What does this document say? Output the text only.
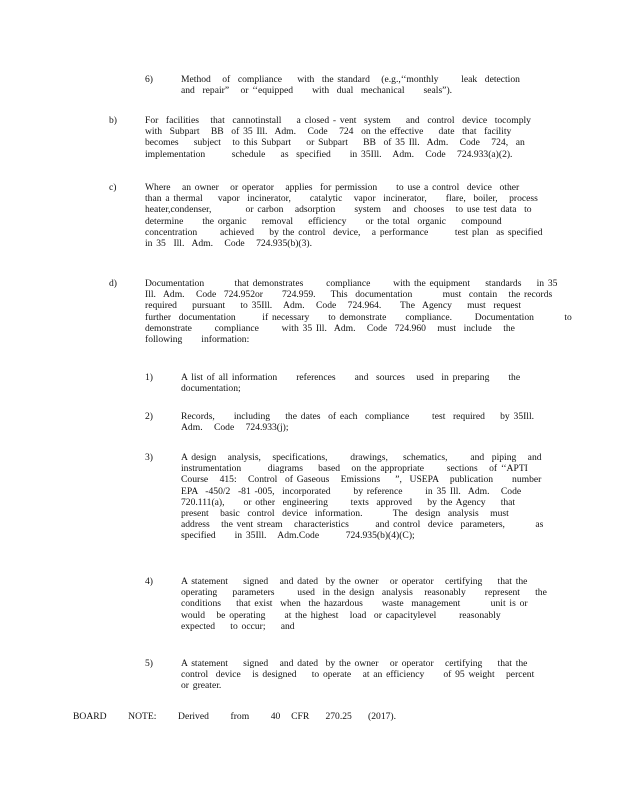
6)	Method   of  compliance    with  the standard   (e.g.,‘‘monthly      leak  detection
and  repair”   or ‘‘equipped     with  dual  mechanical     seals”).
b)	For  facilities   that  cannotinstall    a closed - vent  system    and  control  device  tocomply
with  Subpart   BB  of 35 Ill.  Adm.   Code   724  on the effective    date  that  facility
becomes    subject   to this Subpart    or Subpart    BB  of 35 Ill.  Adm.   Code   724,  an
implementation       schedule    as  specified     in 35Ill.   Adm.   Code   724.933(a)(2).
c)	Where   an owner   or operator   applies  for permission     to use a control  device  other
than a thermal    vapor  incinerator,     catalytic   vapor  incinerator,     flare,  boiler,   process
heater,condenser,         or carbon   adsorption     system   and  chooses   to use test data  to
determine     the organic    removal    efficiency     or the total  organic    compound
concentration      achieved    by the control  device,   a performance       test plan  as specified
in 35  Ill.  Adm.   Code   724.935(b)(3).
d)	Documentation        that demonstrates      compliance      with the equipment    standards    in 35
Ill.  Adm.   Code  724.952or     724.959.    This  documentation        must  contain   the records
required    pursuant    to 35Ill.   Adm.   Code   724.964.     The  Agency    must  request
further  documentation       if necessary     to demonstrate     compliance.      Documentation        to
demonstrate      compliance      with 35 Ill.  Adm.   Code  724.960   must  include   the
following     information:
1)	A list of all information     references     and  sources   used  in preparing     the
documentation;
2)	Records,     including    the dates  of each  compliance      test  required    by 35Ill.
Adm.   Code   724.933(j);
3)	A design   analysis,   specifications,      drawings,    schematics,      and  piping   and
instrumentation       diagrams    based   on the appropriate      sections   of ‘‘APTI
Course   415:   Control  of Gaseous   Emissions    ”,  USEPA   publication     number
EPA  -450/2  -81 -005,  incorporated      by reference      in 35 Ill.  Adm.   Code
720.111(a),     or other  engineering      texts  approved    by the Agency    that
present   basic  control  device  information.        The  design  analysis   must
address   the vent stream   characteristics       and control  device  parameters,        as
specified     in 35Ill.   Adm.Code       724.935(b)(4)(C);
4)	A statement    signed   and dated  by the owner   or operator   certifying    that the
operating    parameters      used  in the design  analysis   reasonably     represent    the
conditions    that exist  when  the hazardous     waste  management        unit is or
would   be operating     at the highest   load  or capacitylevel      reasonably
expected    to occur;    and
5)	A statement    signed   and dated  by the owner   or operator   certifying    that the
control  device   is designed    to operate   at an efficiency     of 95 weight   percent
or greater.
BOARD    NOTE:    Derived    from    40  CFR   270.25   (2017).
